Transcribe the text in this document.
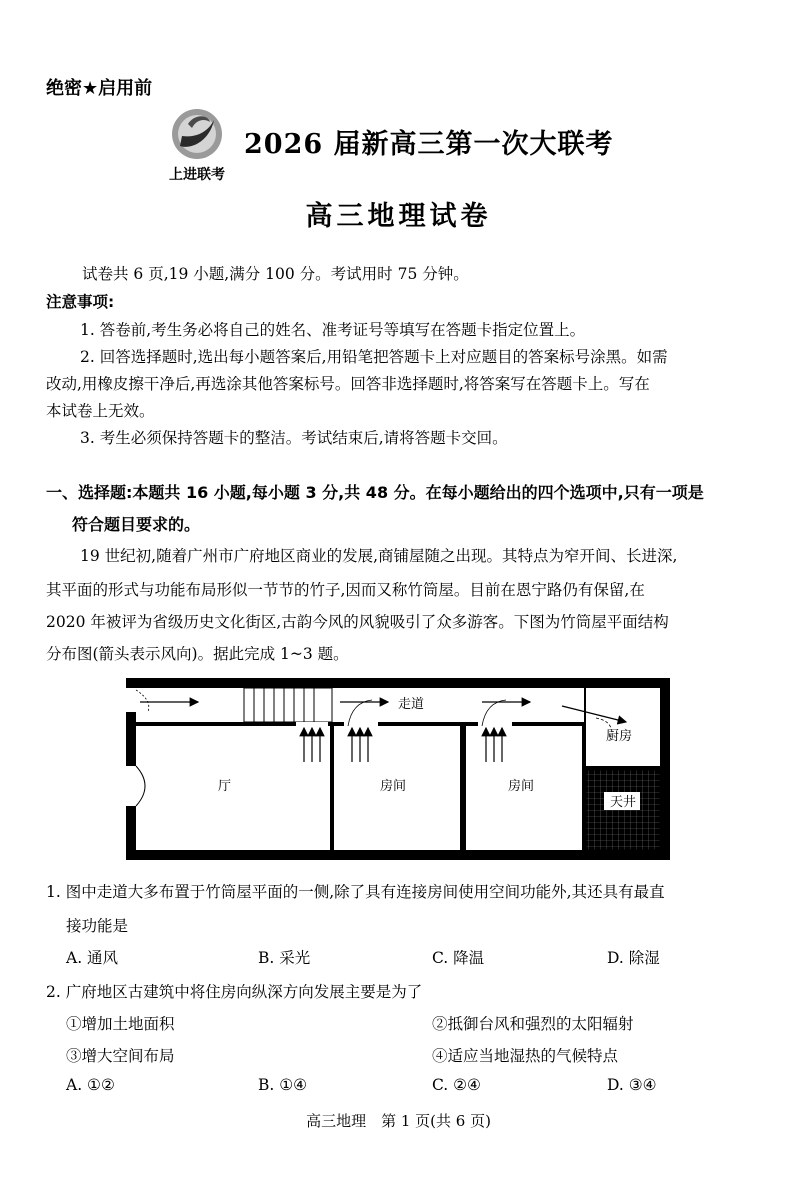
绝密★启用前
上进联考
2026 届新高三第一次大联考
高三地理试卷
试卷共 6 页,19 小题,满分 100 分。考试用时 75 分钟。
注意事项:
1. 答卷前,考生务必将自己的姓名、准考证号等填写在答题卡指定位置上。
2. 回答选择题时,选出每小题答案后,用铅笔把答题卡上对应题目的答案标号涂黑。如需
改动,用橡皮擦干净后,再选涂其他答案标号。回答非选择题时,将答案写在答题卡上。写在
本试卷上无效。
3. 考生必须保持答题卡的整洁。考试结束后,请将答题卡交回。
一、选择题:本题共 16 小题,每小题 3 分,共 48 分。在每小题给出的四个选项中,只有一项是
符合题目要求的。
19 世纪初,随着广州市广府地区商业的发展,商铺屋随之出现。其特点为窄开间、长进深,
其平面的形式与功能布局形似一节节的竹子,因而又称竹筒屋。目前在恩宁路仍有保留,在
2020 年被评为省级历史文化街区,古韵今风的风貌吸引了众多游客。下图为竹筒屋平面结构
分布图(箭头表示风向)。据此完成 1~3 题。
走道
厅	房间	房间
厨房
天井
1. 图中走道大多布置于竹筒屋平面的一侧,除了具有连接房间使用空间功能外,其还具有最直
接功能是
A. 通风	B. 采光	C. 降温	D. 除湿
2. 广府地区古建筑中将住房向纵深方向发展主要是为了
①增加土地面积	②抵御台风和强烈的太阳辐射
③增大空间布局	④适应当地湿热的气候特点
A. ①②	B. ①④	C. ②④	D. ③④
高三地理　第 1 页(共 6 页)
